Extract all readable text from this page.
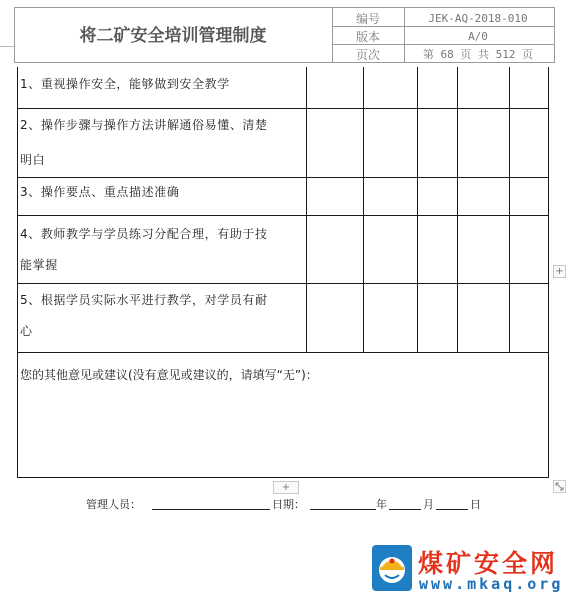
将二矿安全培训管理制度
编号	JEK-AQ-2018-010
版本	A/0
页次	第 68 页 共 512 页
1、重视操作安全，能够做到安全教学
2、操作步骤与操作方法讲解通俗易懂、清楚
明白
3、操作要点、重点描述准确
4、教师教学与学员练习分配合理，有助于技
能掌握
5、根据学员实际水平进行教学，对学员有耐
心
您的其他意见或建议(没有意见或建议的，请填写“无”)：
+
+
管理人员：	日期：	年	月	日
煤矿安全网
www.mkaq.org
